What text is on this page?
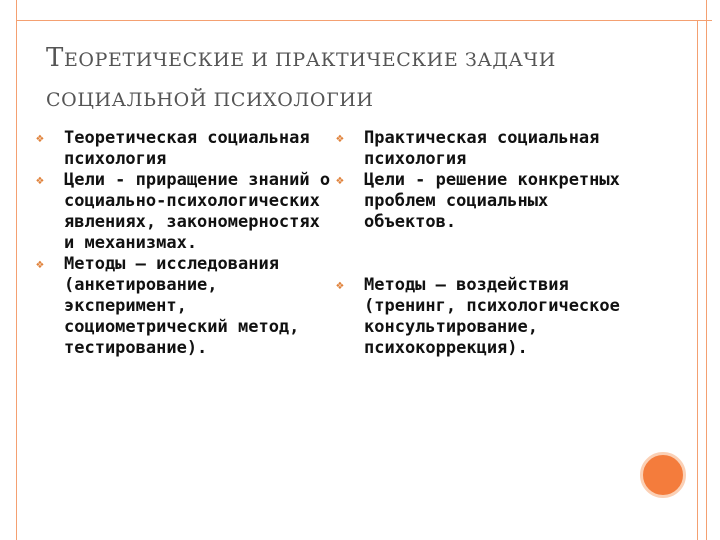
ТЕОРЕТИЧЕСКИЕ И ПРАКТИЧЕСКИЕ ЗАДАЧИ
СОЦИАЛЬНОЙ ПСИХОЛОГИИ
❖ Теоретическая социальная психология
❖ Цели - приращение знаний о социально-психологических явлениях, закономерностях и механизмах.
❖ Методы – исследования (анкетирование, эксперимент, социометрический метод, тестирование).
❖ Практическая социальная психология
❖ Цели - решение конкретных проблем социальных объектов.
❖ Методы – воздействия (тренинг, психологическое консультирование, психокоррекция).
